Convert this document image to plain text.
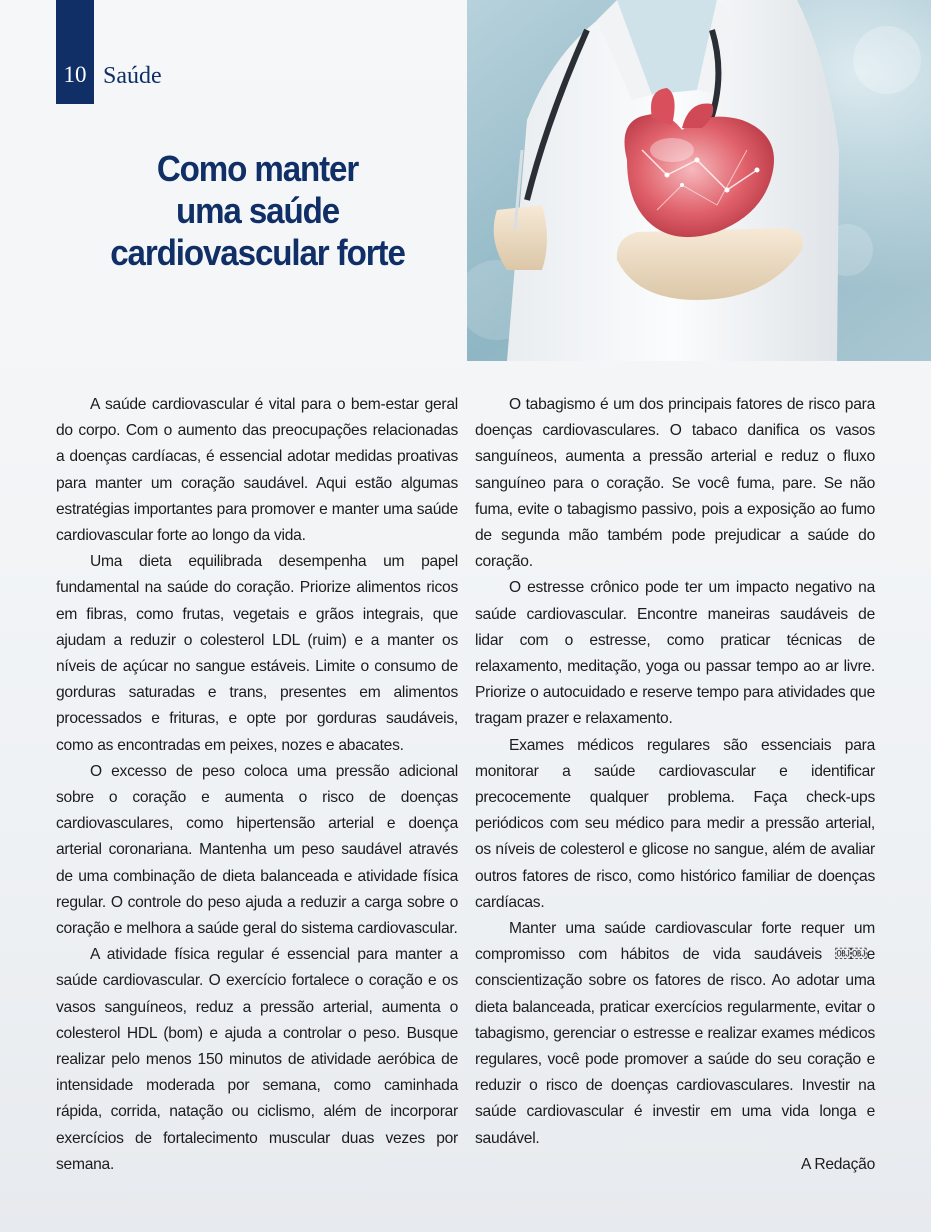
10 Saúde
Como manter
uma saúde
cardiovascular forte

A saúde cardiovascular é vital para o bem-estar geral do corpo. Com o aumento das preocupações relacionadas a doenças cardíacas, é essencial adotar medidas proativas para manter um coração saudável. Aqui estão algumas estratégias importantes para promover e manter uma saúde cardiovascular forte ao longo da vida.

Uma dieta equilibrada desempenha um papel fundamental na saúde do coração. Priorize alimentos ricos em fibras, como frutas, vegetais e grãos integrais, que ajudam a reduzir o colesterol LDL (ruim) e a manter os níveis de açúcar no sangue estáveis. Limite o consumo de gorduras saturadas e trans, presentes em alimentos processados e frituras, e opte por gorduras saudáveis, como as encontradas em peixes, nozes e abacates.

O excesso de peso coloca uma pressão adicional sobre o coração e aumenta o risco de doenças cardiovasculares, como hipertensão arterial e doença arterial coronariana. Mantenha um peso saudável através de uma combinação de dieta balanceada e atividade física regular. O controle do peso ajuda a reduzir a carga sobre o coração e melhora a saúde geral do sistema cardiovascular.

A atividade física regular é essencial para manter a saúde cardiovascular. O exercício fortalece o coração e os vasos sanguíneos, reduz a pressão arterial, aumenta o colesterol HDL (bom) e ajuda a controlar o peso. Busque realizar pelo menos 150 minutos de atividade aeróbica de intensidade moderada por semana, como caminhada rápida, corrida, natação ou ciclismo, além de incorporar exercícios de fortalecimento muscular duas vezes por semana.

O tabagismo é um dos principais fatores de risco para doenças cardiovasculares. O tabaco danifica os vasos sanguíneos, aumenta a pressão arterial e reduz o fluxo sanguíneo para o coração. Se você fuma, pare. Se não fuma, evite o tabagismo passivo, pois a exposição ao fumo de segunda mão também pode prejudicar a saúde do coração.

O estresse crônico pode ter um impacto negativo na saúde cardiovascular. Encontre maneiras saudáveis de lidar com o estresse, como praticar técnicas de relaxamento, meditação, yoga ou passar tempo ao ar livre. Priorize o autocuidado e reserve tempo para atividades que tragam prazer e relaxamento.

Exames médicos regulares são essenciais para monitorar a saúde cardiovascular e identificar precocemente qualquer problema. Faça check-ups periódicos com seu médico para medir a pressão arterial, os níveis de colesterol e glicose no sangue, além de avaliar outros fatores de risco, como histórico familiar de doenças cardíacas.

Manter uma saúde cardiovascular forte requer um compromisso com hábitos de vida saudáveis ￼￼e conscientização sobre os fatores de risco. Ao adotar uma dieta balanceada, praticar exercícios regularmente, evitar o tabagismo, gerenciar o estresse e realizar exames médicos regulares, você pode promover a saúde do seu coração e reduzir o risco de doenças cardiovasculares. Investir na saúde cardiovascular é investir em uma vida longa e saudável.

A Redação
